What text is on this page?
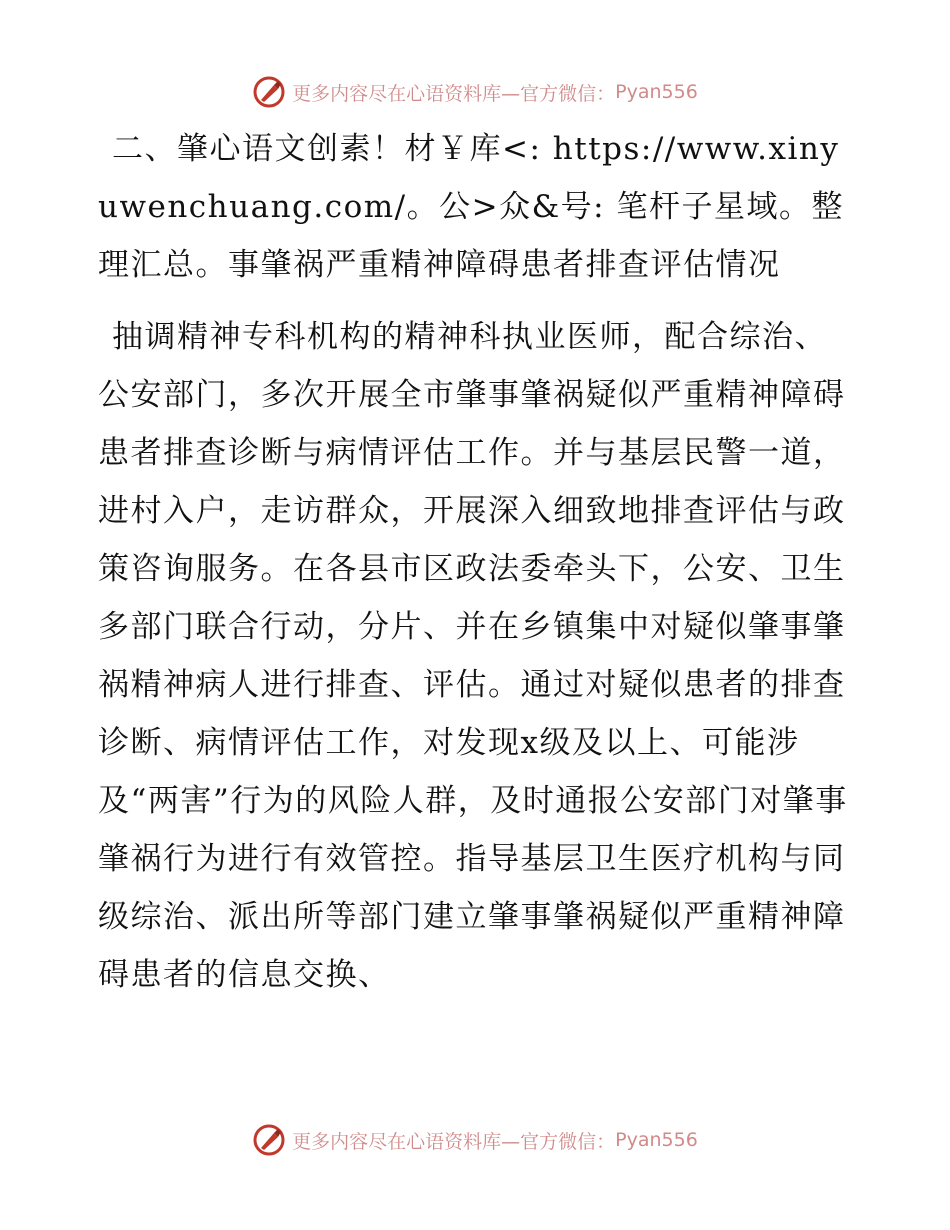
更多内容尽在心语资料库—官方微信： Pyan556

二、肇心语文创素！材￥库<: https://www.xinyuwenchuang.com/。公>众&号: 笔杆子星域。整理汇总。事肇祸严重精神障碍患者排查评估情况

抽调精神专科机构的精神科执业医师，配合综治、公安部门，多次开展全市肇事肇祸疑似严重精神障碍患者排查诊断与病情评估工作。并与基层民警一道，进村入户，走访群众，开展深入细致地排查评估与政策咨询服务。在各县市区政法委牵头下，公安、卫生多部门联合行动，分片、并在乡镇集中对疑似肇事肇祸精神病人进行排查、评估。通过对疑似患者的排查诊断、病情评估工作，对发现x级及以上、可能涉及“两害”行为的风险人群，及时通报公安部门对肇事肇祸行为进行有效管控。指导基层卫生医疗机构与同级综治、派出所等部门建立肇事肇祸疑似严重精神障碍患者的信息交换、

更多内容尽在心语资料库—官方微信： Pyan556
